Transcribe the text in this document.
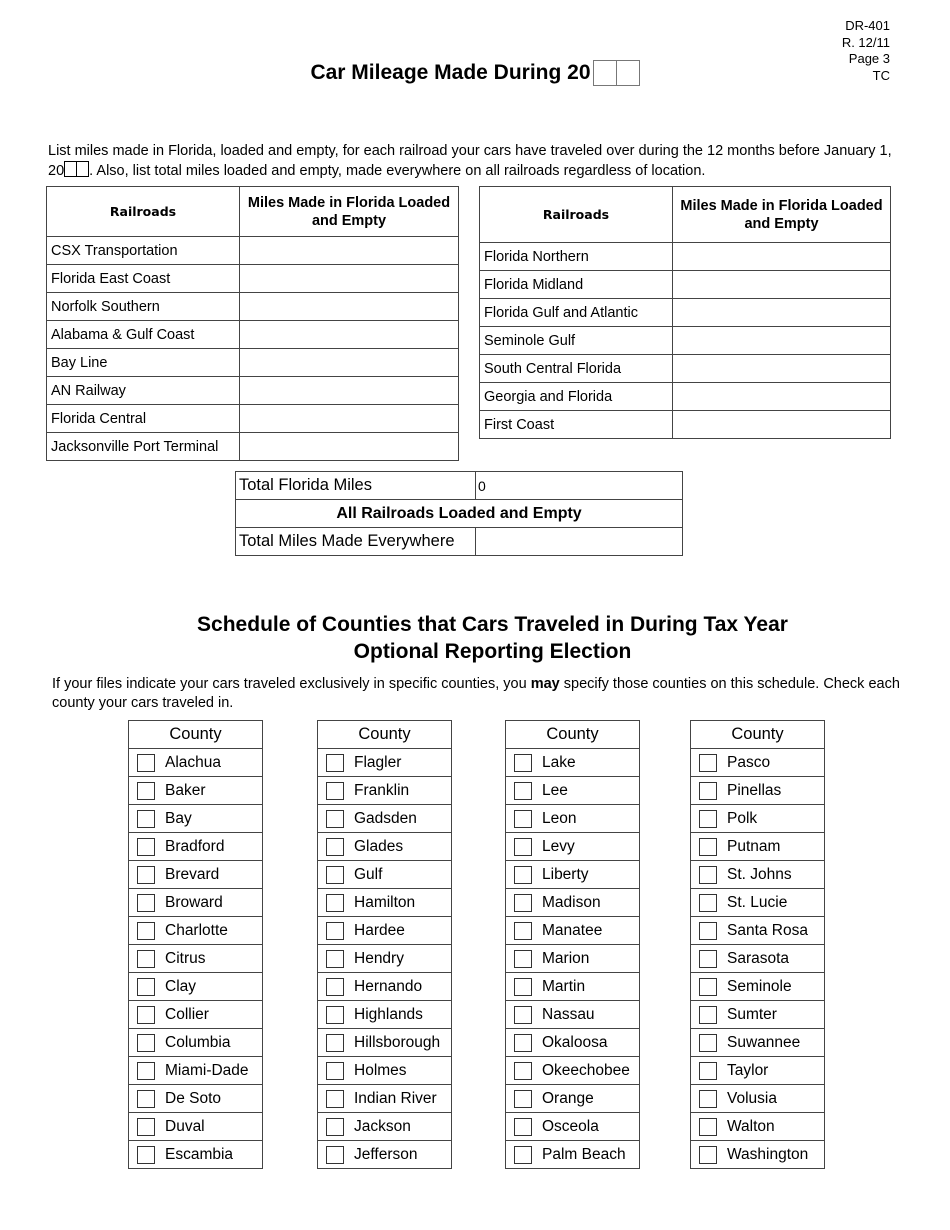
DR-401
R. 12/11
Page 3
TC
Car Mileage Made During 20
List miles made in Florida, loaded and empty, for each railroad your cars have traveled over during the 12 months before January 1, 20 . Also, list total miles loaded and empty, made everywhere on all railroads regardless of location.
Railroads	Miles Made in Florida Loaded and Empty
CSX Transportation	
Florida East Coast	
Norfolk Southern	
Alabama & Gulf Coast	
Bay Line	
AN Railway	
Florida Central	
Jacksonville Port Terminal	
Railroads	Miles Made in Florida Loaded and Empty
Florida Northern	
Florida Midland	
Florida Gulf and Atlantic	
Seminole Gulf	
South Central Florida	
Georgia and Florida	
First Coast	
Total Florida Miles	0
All Railroads Loaded and Empty	
Total Miles Made Everywhere	
Schedule of Counties that Cars Traveled in During Tax Year
Optional Reporting Election
If your files indicate your cars traveled exclusively in specific counties, you may specify those counties on this schedule. Check each county your cars traveled in.
County
Alachua
Baker
Bay
Bradford
Brevard
Broward
Charlotte
Citrus
Clay
Collier
Columbia
Miami-Dade
De Soto
Duval
Escambia
County
Flagler
Franklin
Gadsden
Glades
Gulf
Hamilton
Hardee
Hendry
Hernando
Highlands
Hillsborough
Holmes
Indian River
Jackson
Jefferson
County
Lake
Lee
Leon
Levy
Liberty
Madison
Manatee
Marion
Martin
Nassau
Okaloosa
Okeechobee
Orange
Osceola
Palm Beach
County
Pasco
Pinellas
Polk
Putnam
St. Johns
St. Lucie
Santa Rosa
Sarasota
Seminole
Sumter
Suwannee
Taylor
Volusia
Walton
Washington
